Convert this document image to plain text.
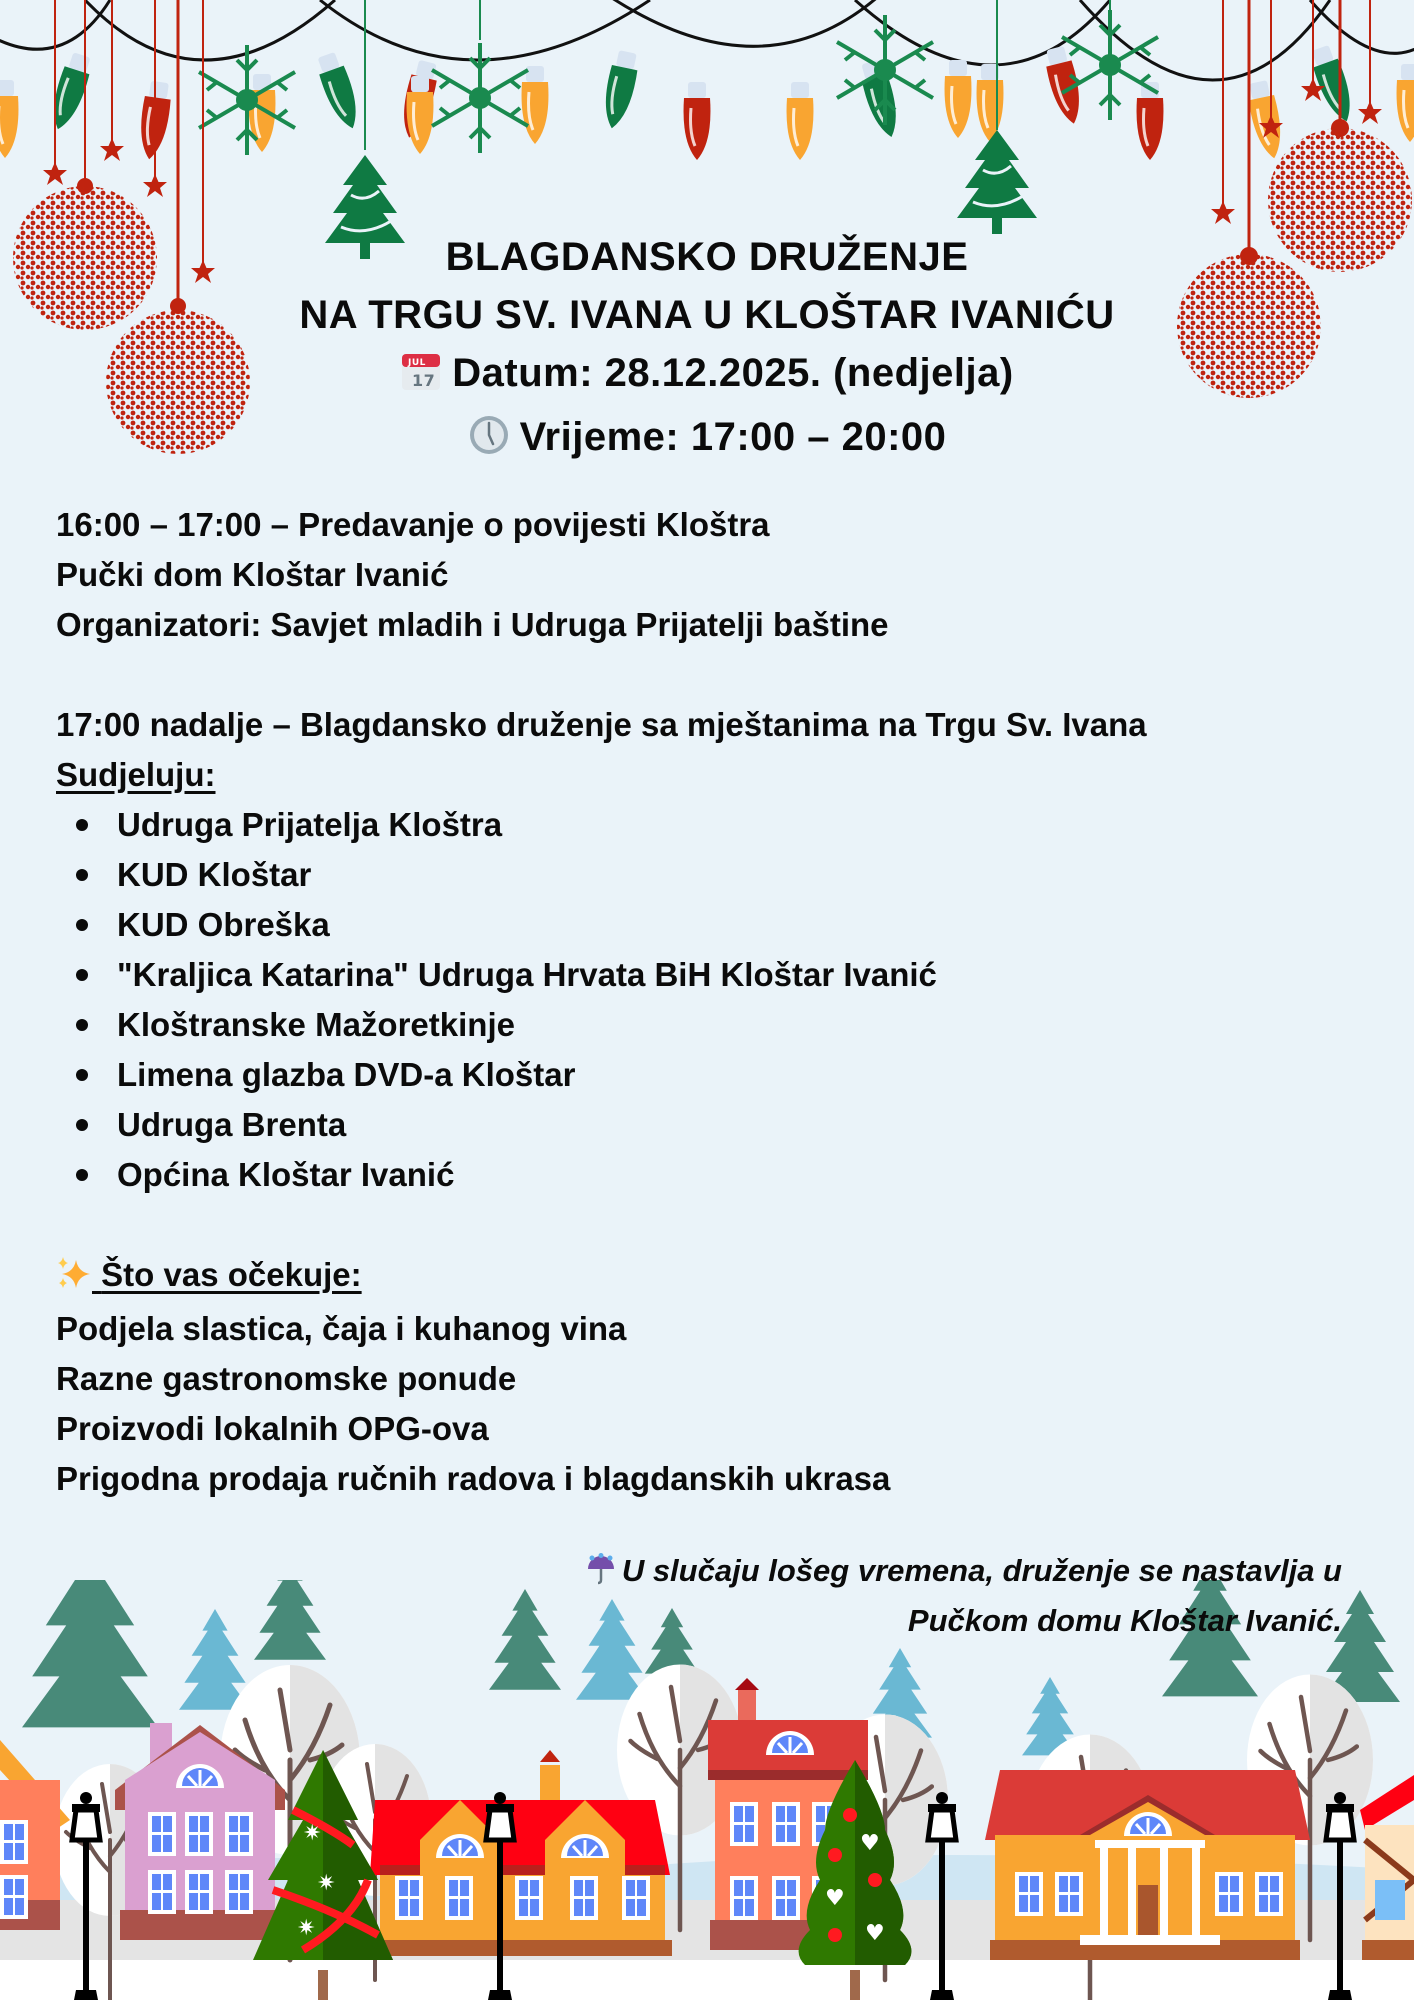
BLAGDANSKO DRUŽENJE
NA TRGU SV. IVANA U KLOŠTAR IVANIĆU
JUL
17 Datum: 28.12.2025. (nedjelja)
Vrijeme: 17:00 – 20:00
16:00 – 17:00 – Predavanje o povijesti Kloštra
Pučki dom Kloštar Ivanić
Organizatori: Savjet mladih i Udruga Prijatelji baštine
17:00 nadalje – Blagdansko druženje sa mještanima na Trgu Sv. Ivana
Sudjeluju:
Udruga Prijatelja Kloštra
KUD Kloštar
KUD Obreška
"Kraljica Katarina" Udruga Hrvata BiH Kloštar Ivanić
Kloštranske Mažoretkinje
Limena glazba DVD-a Kloštar
Udruga Brenta
Općina Kloštar Ivanić
Što vas očekuje:
Podjela slastica, čaja i kuhanog vina
Razne gastronomske ponude
Proizvodi lokalnih OPG-ova
Prigodna prodaja ručnih radova i blagdanskih ukrasa
✷
✷
✷
♥
♥
♥
U slučaju lošeg vremena, druženje se nastavlja u
Pučkom domu Kloštar Ivanić.
